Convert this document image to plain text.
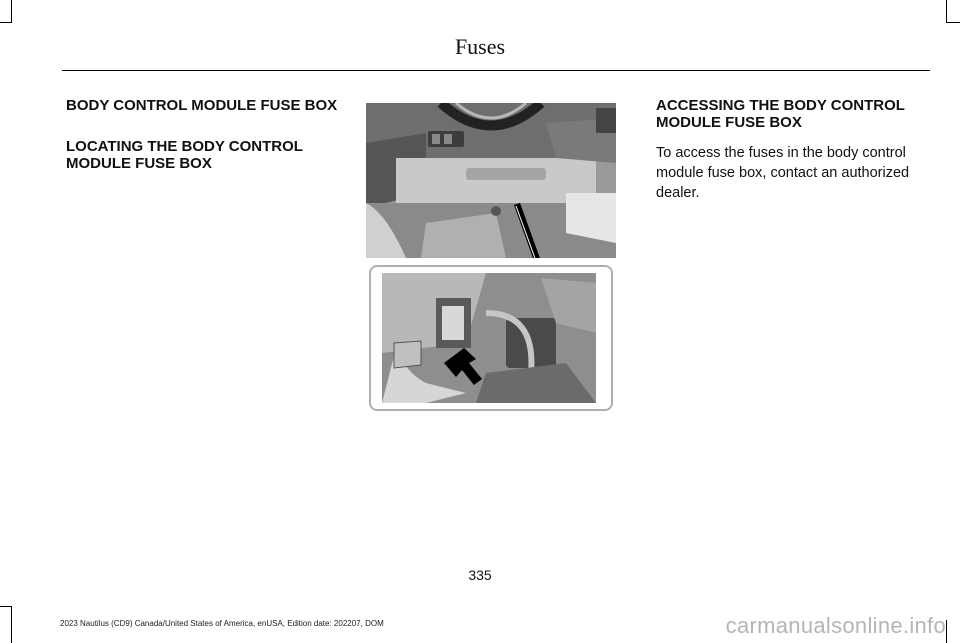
Fuses

BODY CONTROL MODULE FUSE BOX

LOCATING THE BODY CONTROL
MODULE FUSE BOX

ACCESSING THE BODY CONTROL
MODULE FUSE BOX

To access the fuses in the body control
module fuse box, contact an authorized
dealer.

335
2023 Nautilus (CD9) Canada/United States of America, enUSA, Edition date: 202207, DOM	carmanualsonline.info
